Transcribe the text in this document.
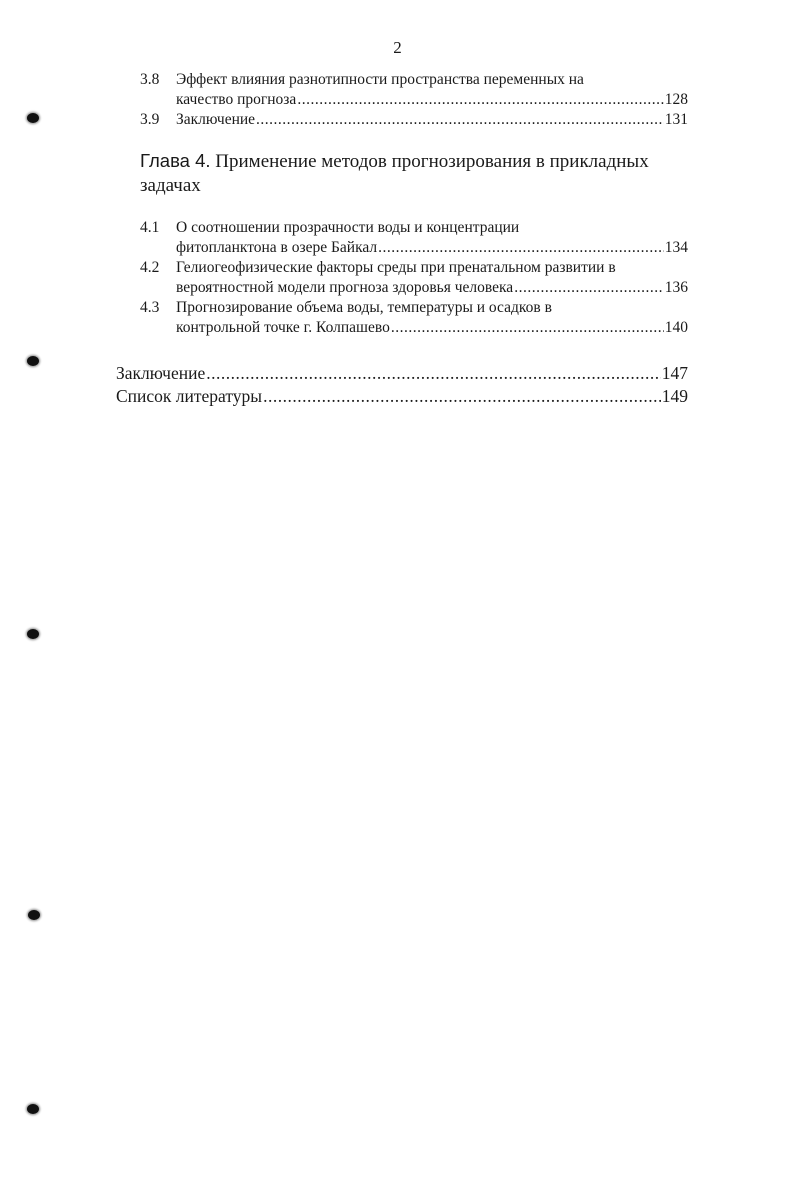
2
3.8	Эффект влияния разнотипности пространства переменных на
качество прогноза .....	128
3.9	Заключение .....	131
Глава 4. Применение методов прогнозирования в прикладных
задачах
4.1	О соотношении прозрачности воды и концентрации
фитопланктона в озере Байкал .....	134
4.2	Гелиогеофизические факторы среды при пренатальном развитии в
вероятностной модели прогноза здоровья человека .....	136
4.3	Прогнозирование объема воды, температуры и осадков в
контрольной точке г. Колпашево .....	140
Заключение .....	147
Список литературы .....	149
